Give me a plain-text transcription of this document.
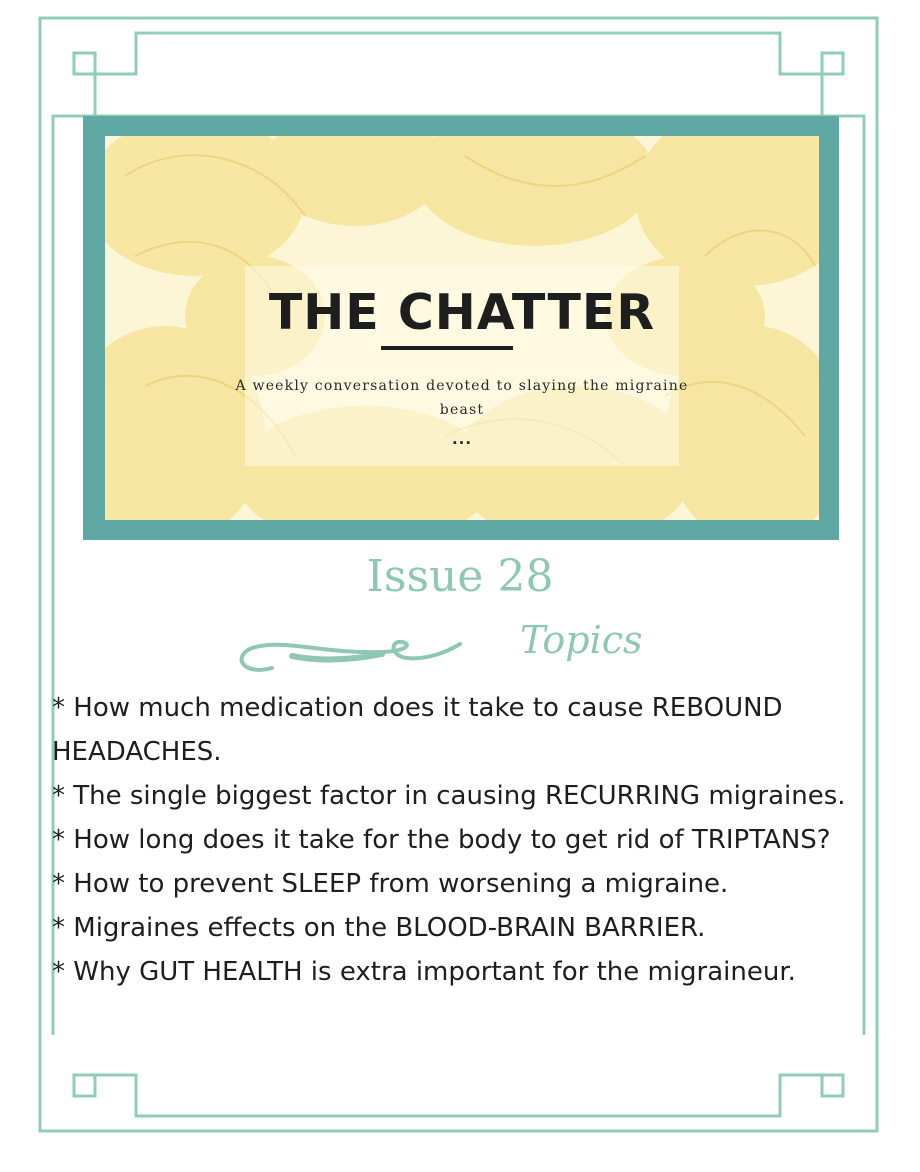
THE CHATTER
A weekly conversation devoted to slaying the migraine beast
...
Issue 28
Topics
* How much medication does it take to cause REBOUND HEADACHES.
* The single biggest factor in causing RECURRING migraines.
* How long does it take for the body to get rid of TRIPTANS?
* How to prevent SLEEP from worsening a migraine.
* Migraines effects on the BLOOD-BRAIN BARRIER.
* Why GUT HEALTH is extra important for the migraineur.
